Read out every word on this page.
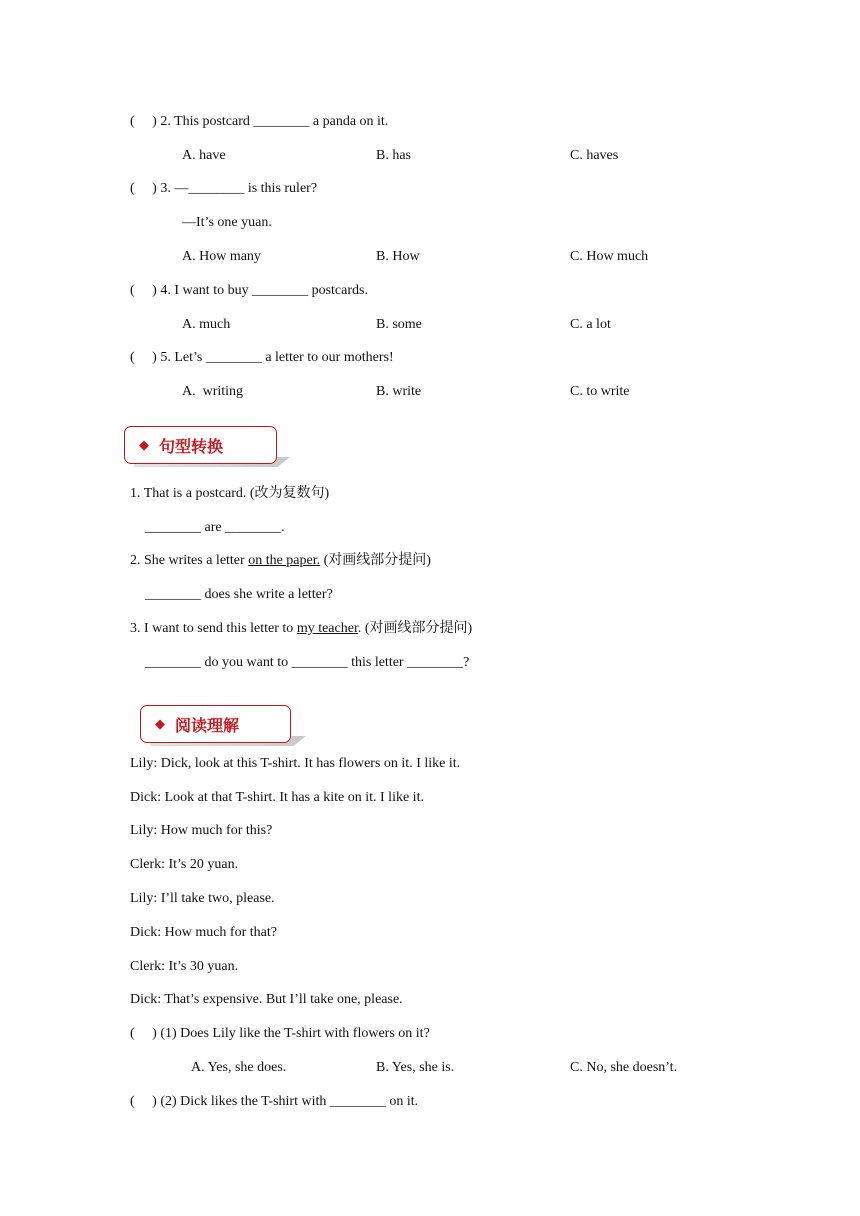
(     ) 2. This postcard ________ a panda on it.
A. have	B. has	C. haves
(     ) 3. —________ is this ruler?
—It’s one yuan.
A. How many	B. How	C. How much
(     ) 4. I want to buy ________ postcards.
A. much	B. some	C. a lot
(     ) 5. Let’s ________ a letter to our mothers!
A.  writing	B. write	C. to write
◆ 句型转换
1. That is a postcard. (改为复数句)
________ are ________.
2. She writes a letter on the paper. (对画线部分提问)
________ does she write a letter?
3. I want to send this letter to my teacher. (对画线部分提问)
________ do you want to ________ this letter ________?
◆ 阅读理解
Lily: Dick, look at this T-shirt. It has flowers on it. I like it.
Dick: Look at that T-shirt. It has a kite on it. I like it.
Lily: How much for this?
Clerk: It’s 20 yuan.
Lily: I’ll take two, please.
Dick: How much for that?
Clerk: It’s 30 yuan.
Dick: That’s expensive. But I’ll take one, please.
(     ) (1) Does Lily like the T-shirt with flowers on it?
A. Yes, she does.	B. Yes, she is.	C. No, she doesn’t.
(     ) (2) Dick likes the T-shirt with ________ on it.
